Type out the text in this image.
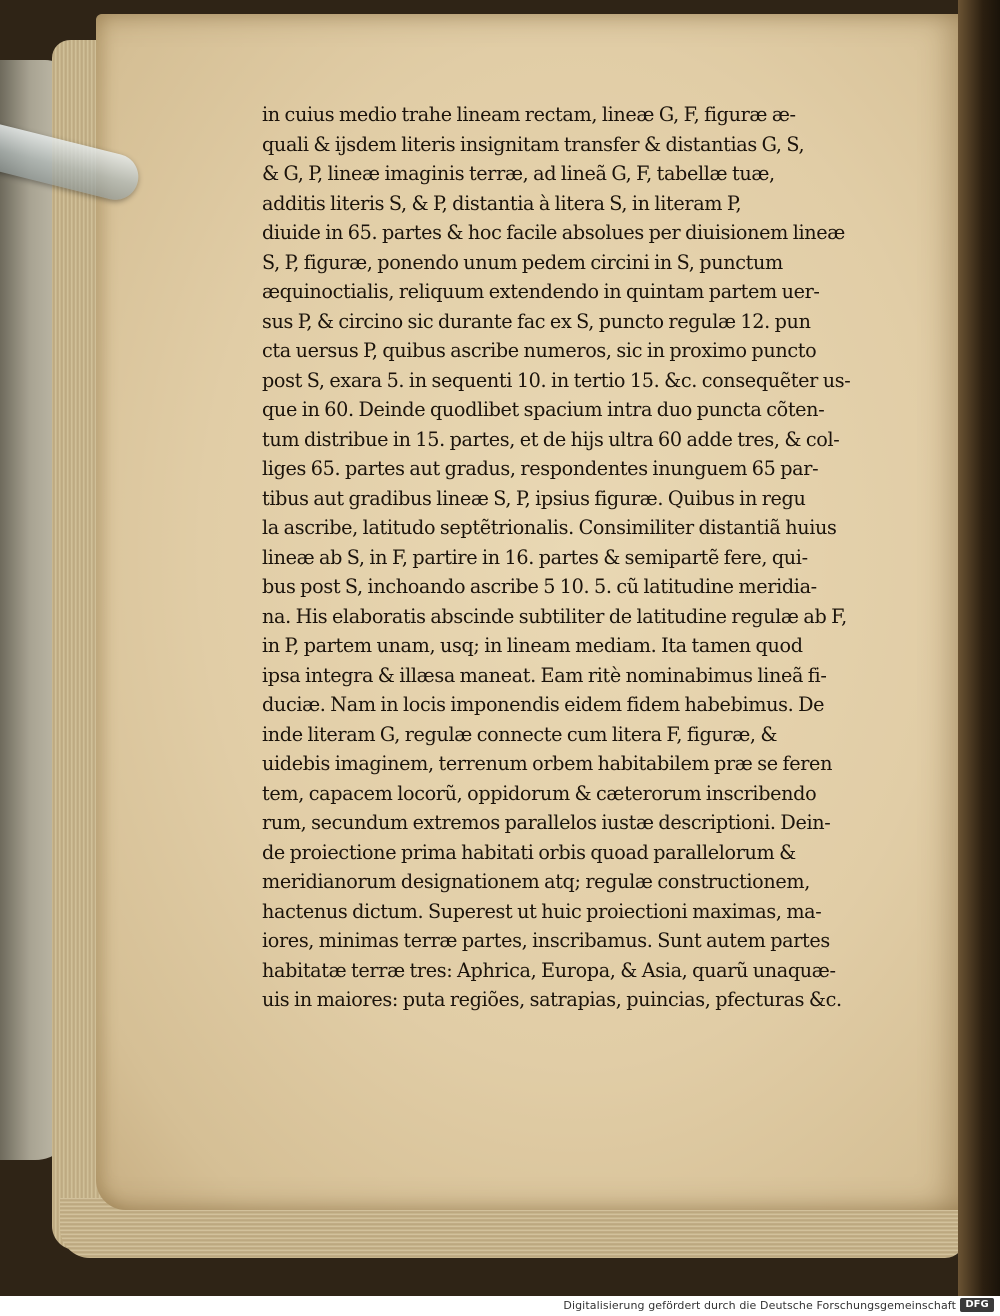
in cuius medio trahe lineam rectam, lineæ G, F, figuræ æ-
quali & ijsdem literis insignitam transfer & distantias G, S,
& G, P, lineæ imaginis terræ, ad lineã G, F, tabellæ tuæ,
additis literis S, & P, distantia à litera S, in literam P,
diuide in 65. partes & hoc facile absolues per diuisionem lineæ
S, P, figuræ, ponendo unum pedem circini in S, punctum
æquinoctialis, reliquum extendendo in quintam partem uer-
sus P, & circino sic durante fac ex S, puncto regulæ 12. pun
cta uersus P, quibus ascribe numeros, sic in proximo puncto
post S, exara 5. in sequenti 10. in tertio 15. &c. consequẽter us-
que in 60. Deinde quodlibet spacium intra duo puncta cõten-
tum distribue in 15. partes, et de hijs ultra 60 adde tres, & col-
liges 65. partes aut gradus, respondentes inunguem 65 par-
tibus aut gradibus lineæ S, P, ipsius figuræ. Quibus in regu
la ascribe, latitudo septẽtrionalis. Consimiliter distantiã huius
lineæ ab S, in F, partire in 16. partes & semipartẽ fere, qui-
bus post S, inchoando ascribe 5 10. 5. cũ latitudine meridia-
na. His elaboratis abscinde subtiliter de latitudine regulæ ab F,
in P, partem unam, usq; in lineam mediam. Ita tamen quod
ipsa integra & illæsa maneat. Eam ritè nominabimus lineã fi-
duciæ. Nam in locis imponendis eidem fidem habebimus. De
inde literam G, regulæ connecte cum litera F, figuræ, &
uidebis imaginem, terrenum orbem habitabilem præ se feren
tem, capacem locorũ, oppidorum & cæterorum inscribendo
rum, secundum extremos parallelos iustæ descriptioni. Dein-
de proiectione prima habitati orbis quoad parallelorum &
meridianorum designationem atq; regulæ constructionem,
hactenus dictum. Superest ut huic proiectioni maximas, ma-
iores, minimas terræ partes, inscribamus. Sunt autem partes
habitatæ terræ tres: Aphrica, Europa, & Asia, quarũ unaquæ-
uis in maiores: puta regiões, satrapias, puincias, pfecturas &c.
Digitalisierung gefördert durch die Deutsche Forschungsgemeinschaft DFG
